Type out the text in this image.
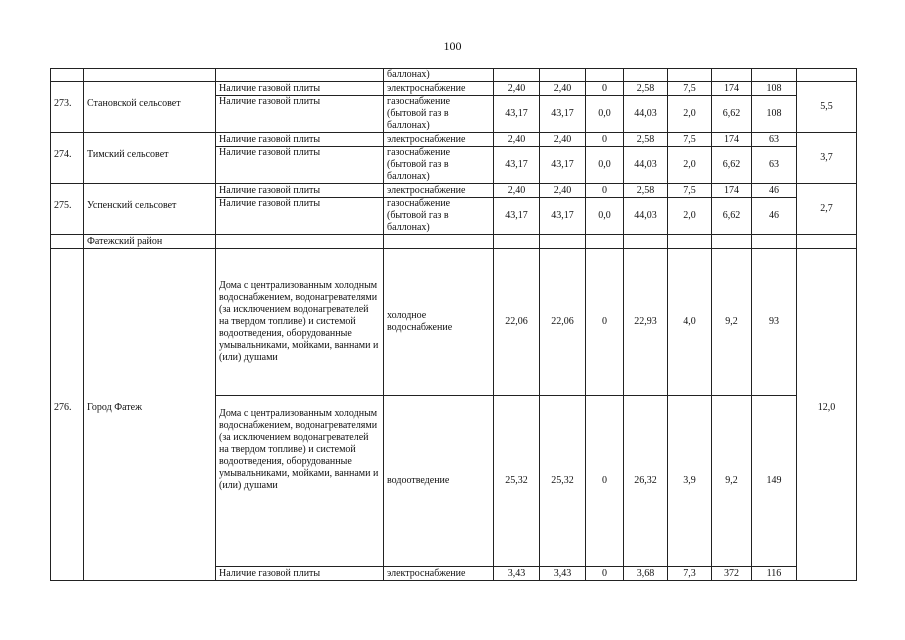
100
			баллонах)								
273.	Становской сельсовет	Наличие газовой плиты	электроснабжение	2,40	2,40	0	2,58	7,5	174	108	5,5
		Наличие газовой плиты	газоснабжение (бытовой газ в баллонах)	43,17	43,17	0,0	44,03	2,0	6,62	108	
274.	Тимский сельсовет	Наличие газовой плиты	электроснабжение	2,40	2,40	0	2,58	7,5	174	63	3,7
		Наличие газовой плиты	газоснабжение (бытовой газ в баллонах)	43,17	43,17	0,0	44,03	2,0	6,62	63	
275.	Успенский сельсовет	Наличие газовой плиты	электроснабжение	2,40	2,40	0	2,58	7,5	174	46	2,7
		Наличие газовой плиты	газоснабжение (бытовой газ в баллонах)	43,17	43,17	0,0	44,03	2,0	6,62	46	
	Фатежский район										
276.	Город Фатеж	Дома с централизованным холодным водоснабжением, водонагревателями (за исключением водонагревателей на твердом топливе) и системой водоотведения, оборудованные умывальниками, мойками, ваннами и (или) душами	холодное водоснабжение	22,06	22,06	0	22,93	4,0	9,2	93	12,0
		Дома с централизованным холодным водоснабжением, водонагревателями (за исключением водонагревателей на твердом топливе) и системой водоотведения, оборудованные умывальниками, мойками, ваннами и (или) душами	водоотведение	25,32	25,32	0	26,32	3,9	9,2	149	
		Наличие газовой плиты	электроснабжение	3,43	3,43	0	3,68	7,3	372	116	
